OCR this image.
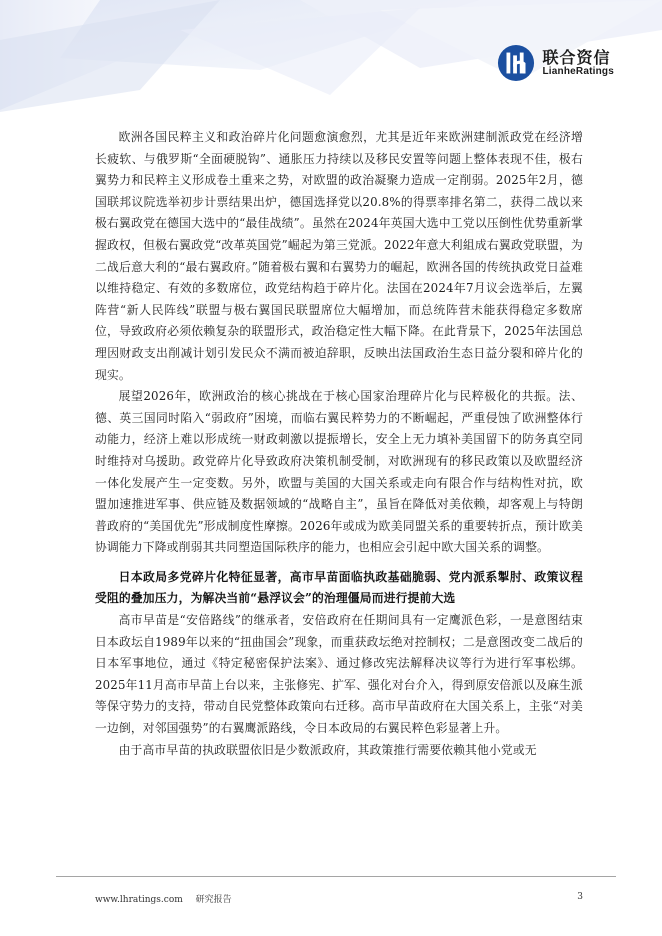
联合资信
LianheRatings

欧洲各国民粹主义和政治碎片化问题愈演愈烈，尤其是近年来欧洲建制派政党在经济增长疲软、与俄罗斯“全面硬脱钩”、通胀压力持续以及移民安置等问题上整体表现不佳，极右翼势力和民粹主义形成卷土重来之势，对欧盟的政治凝聚力造成一定削弱。2025年2月，德国联邦议院选举初步计票结果出炉，德国选择党以20.8%的得票率排名第二，获得二战以来极右翼政党在德国大选中的“最佳战绩”。虽然在2024年英国大选中工党以压倒性优势重新掌握政权，但极右翼政党“改革英国党”崛起为第三党派。2022年意大利組成右翼政党联盟，为二战后意大利的“最右翼政府。”随着极右翼和右翼势力的崛起，欧洲各国的传统执政党日益难以维持稳定、有效的多数席位，政党结构趋于碎片化。法国在2024年7月议会选举后，左翼阵营“新人民阵线”联盟与极右翼国民联盟席位大幅增加，而总统阵营未能获得稳定多数席位，导致政府必须依赖复杂的联盟形式，政治稳定性大幅下降。在此背景下，2025年法国总理因财政支出削减计划引发民众不满而被迫辞职，反映出法国政治生态日益分裂和碎片化的现实。

展望2026年，欧洲政治的核心挑战在于核心国家治理碎片化与民粹极化的共振。法、德、英三国同时陷入“弱政府”困境，而临右翼民粹势力的不断崛起，严重侵蚀了欧洲整体行动能力，经济上难以形成统一财政刺激以提振增长，安全上无力填补美国留下的防务真空同时维持对乌援助。政党碎片化导致政府决策机制受制，对欧洲现有的移民政策以及欧盟经济一体化发展产生一定变数。另外，欧盟与美国的大国关系或走向有限合作与结构性对抗，欧盟加速推进军事、供应链及数据领域的“战略自主”，虽旨在降低对美依赖，却客观上与特朗普政府的“美国优先”形成制度性摩擦。2026年或成为欧美同盟关系的重要转折点，预计欧美协调能力下降或削弱其共同塑造国际秩序的能力，也相应会引起中欧大国关系的调整。

日本政局多党碎片化特征显著，高市早苗面临执政基础脆弱、党内派系掣肘、政策议程受阻的叠加压力，为解决当前“悬浮议会”的治理僵局而进行提前大选

高市早苗是“安倍路线”的继承者，安倍政府在任期间具有一定鹰派色彩，一是意图结束日本政坛自1989年以来的“扭曲国会”现象，而重获政坛绝对控制权；二是意图改变二战后的日本军事地位，通过《特定秘密保护法案》、通过修改宪法解释决议等行为进行军事松绑。2025年11月高市早苗上台以来，主张修宪、扩军、强化对台介入，得到原安倍派以及麻生派等保守势力的支持，带动自民党整体政策向右迁移。高市早苗政府在大国关系上，主张“对美一边倒，对邻国强势”的右翼鹰派路线，令日本政局的右翼民粹色彩显著上升。

由于高市早苗的执政联盟依旧是少数派政府，其政策推行需要依赖其他小党或无

www.lhratings.com 研究报告	3
